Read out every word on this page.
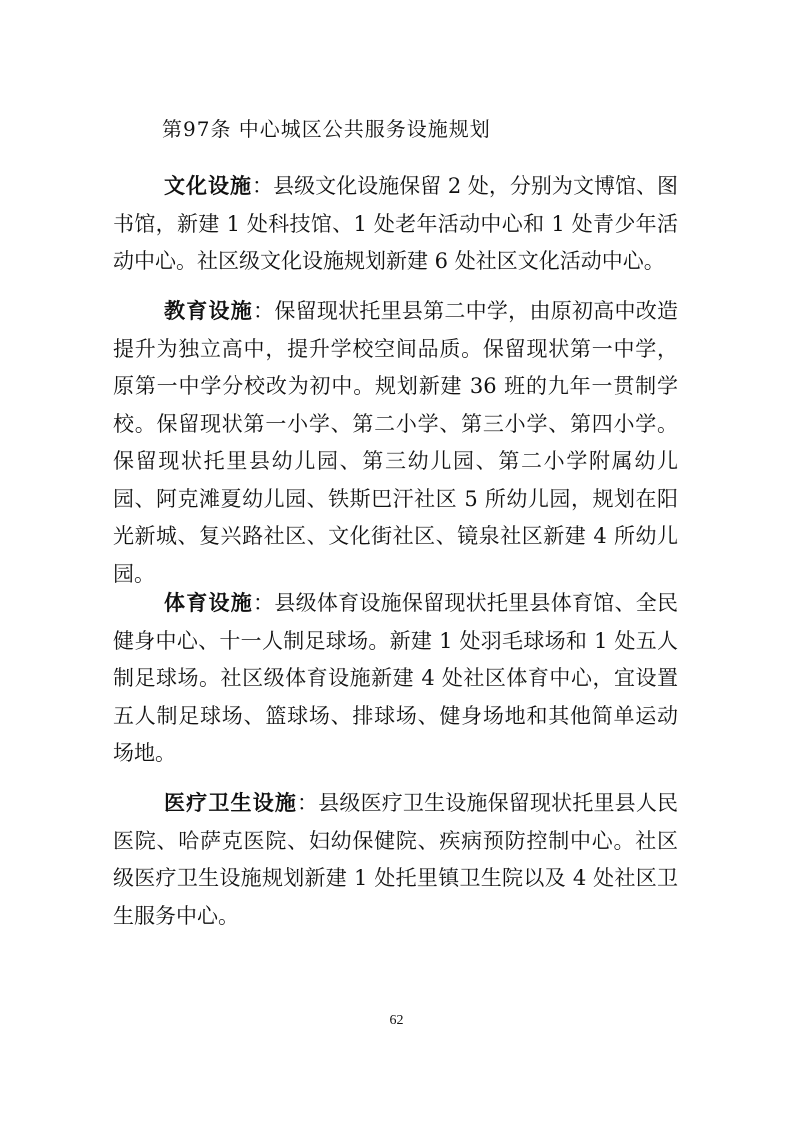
第97条 中心城区公共服务设施规划

文化设施：县级文化设施保留 2 处，分别为文博馆、图书馆，新建 1 处科技馆、1 处老年活动中心和 1 处青少年活动中心。社区级文化设施规划新建 6 处社区文化活动中心。

教育设施：保留现状托里县第二中学，由原初高中改造提升为独立高中，提升学校空间品质。保留现状第一中学，原第一中学分校改为初中。规划新建 36 班的九年一贯制学校。保留现状第一小学、第二小学、第三小学、第四小学。保留现状托里县幼儿园、第三幼儿园、第二小学附属幼儿园、阿克滩夏幼儿园、铁斯巴汗社区 5 所幼儿园，规划在阳光新城、复兴路社区、文化街社区、镜泉社区新建 4 所幼儿园。

体育设施：县级体育设施保留现状托里县体育馆、全民健身中心、十一人制足球场。新建 1 处羽毛球场和 1 处五人制足球场。社区级体育设施新建 4 处社区体育中心，宜设置五人制足球场、篮球场、排球场、健身场地和其他简单运动场地。

医疗卫生设施：县级医疗卫生设施保留现状托里县人民医院、哈萨克医院、妇幼保健院、疾病预防控制中心。社区级医疗卫生设施规划新建 1 处托里镇卫生院以及 4 处社区卫生服务中心。

62
